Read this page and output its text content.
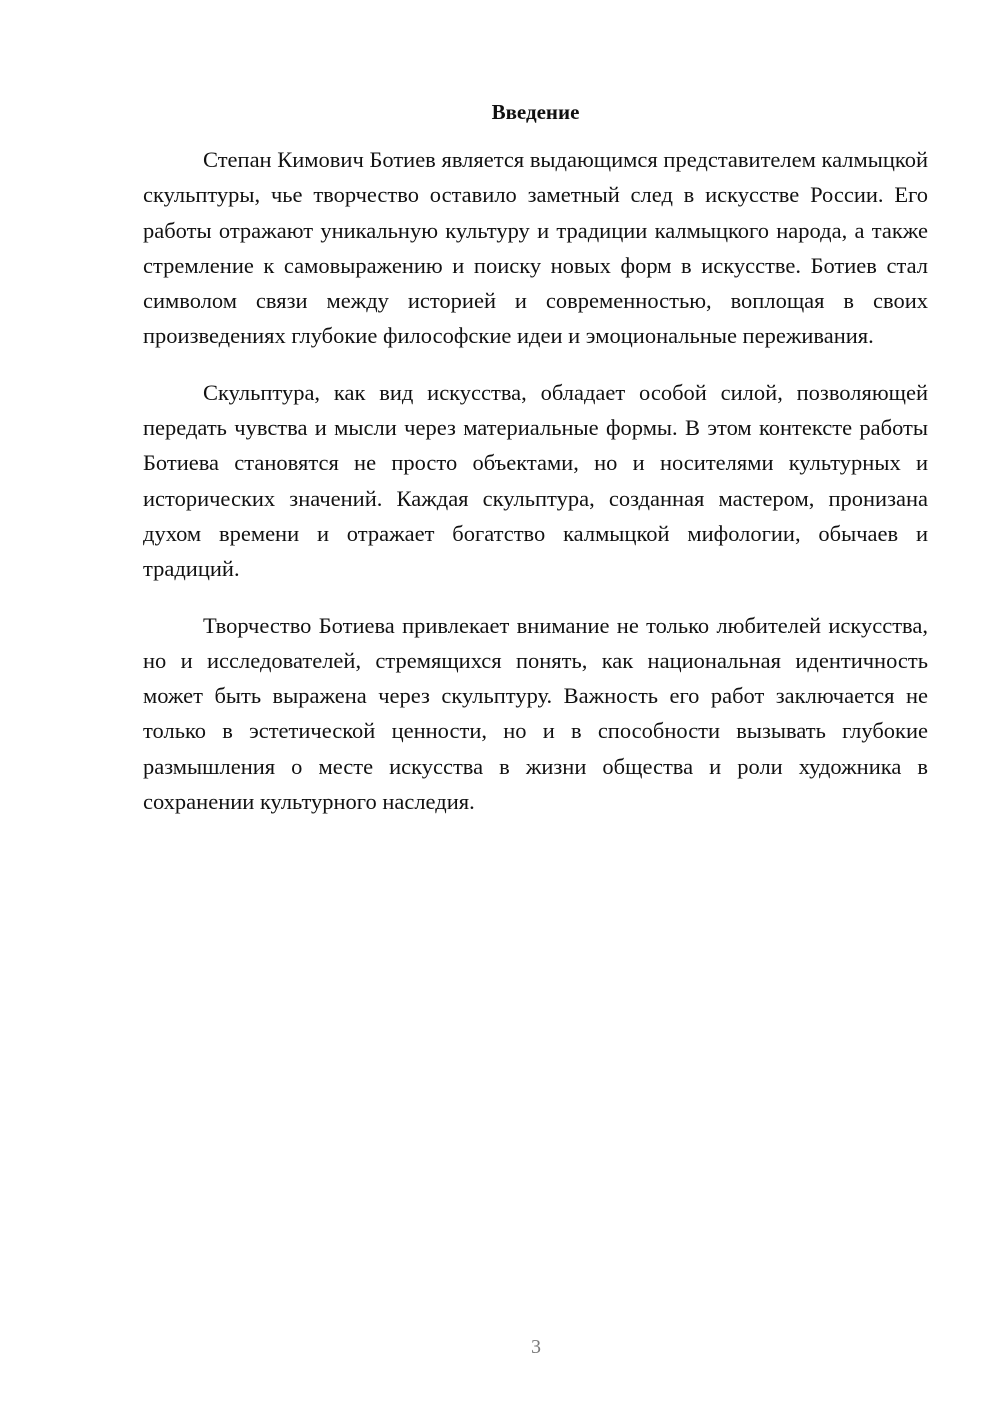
Введение

Степан Кимович Ботиев является выдающимся представителем калмыцкой скульптуры, чье творчество оставило заметный след в искусстве России. Его работы отражают уникальную культуру и традиции калмыцкого народа, а также стремление к самовыражению и поиску новых форм в искусстве. Ботиев стал символом связи между историей и современностью, воплощая в своих произведениях глубокие философские идеи и эмоциональные переживания.

Скульптура, как вид искусства, обладает особой силой, позволяющей передать чувства и мысли через материальные формы. В этом контексте работы Ботиева становятся не просто объектами, но и носителями культурных и исторических значений. Каждая скульптура, созданная мастером, пронизана духом времени и отражает богатство калмыцкой мифологии, обычаев и традиций.

Творчество Ботиева привлекает внимание не только любителей искусства, но и исследователей, стремящихся понять, как национальная идентичность может быть выражена через скульптуру. Важность его работ заключается не только в эстетической ценности, но и в способности вызывать глубокие размышления о месте искусства в жизни общества и роли художника в сохранении культурного наследия.

3
